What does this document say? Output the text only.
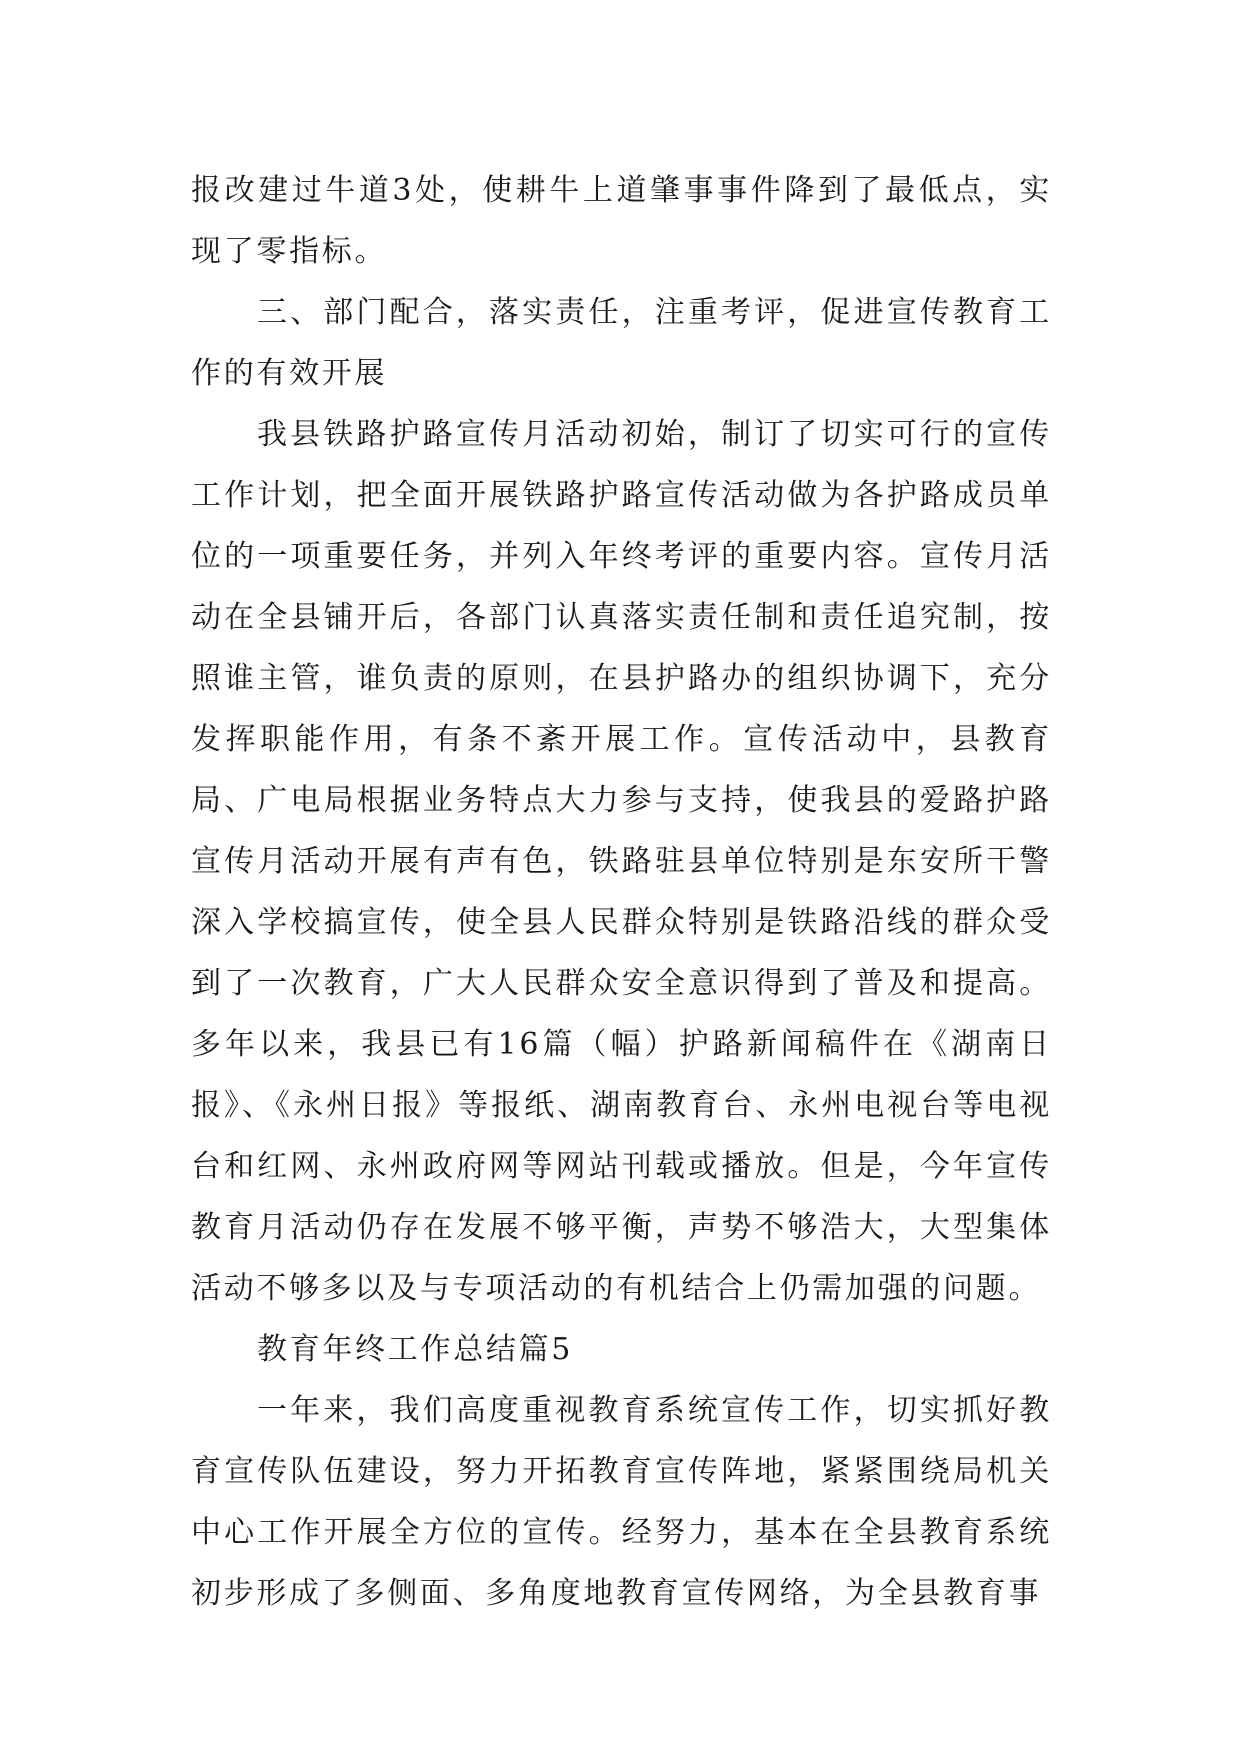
报改建过牛道3处，使耕牛上道肇事事件降到了最低点，实现了零指标。

三、部门配合，落实责任，注重考评，促进宣传教育工作的有效开展

我县铁路护路宣传月活动初始，制订了切实可行的宣传工作计划，把全面开展铁路护路宣传活动做为各护路成员单位的一项重要任务，并列入年终考评的重要内容。宣传月活动在全县铺开后，各部门认真落实责任制和责任追究制，按照谁主管，谁负责的原则，在县护路办的组织协调下，充分发挥职能作用，有条不紊开展工作。宣传活动中，县教育局、广电局根据业务特点大力参与支持，使我县的爱路护路宣传月活动开展有声有色，铁路驻县单位特别是东安所干警深入学校搞宣传，使全县人民群众特别是铁路沿线的群众受到了一次教育，广大人民群众安全意识得到了普及和提高。多年以来，我县已有16篇（幅）护路新闻稿件在《湖南日报》、《永州日报》等报纸、湖南教育台、永州电视台等电视台和红网、永州政府网等网站刊载或播放。但是，今年宣传教育月活动仍存在发展不够平衡，声势不够浩大，大型集体活动不够多以及与专项活动的有机结合上仍需加强的问题。

教育年终工作总结篇5

一年来，我们高度重视教育系统宣传工作，切实抓好教育宣传队伍建设，努力开拓教育宣传阵地，紧紧围绕局机关中心工作开展全方位的宣传。经努力，基本在全县教育系统初步形成了多侧面、多角度地教育宣传网络，为全县教育事
